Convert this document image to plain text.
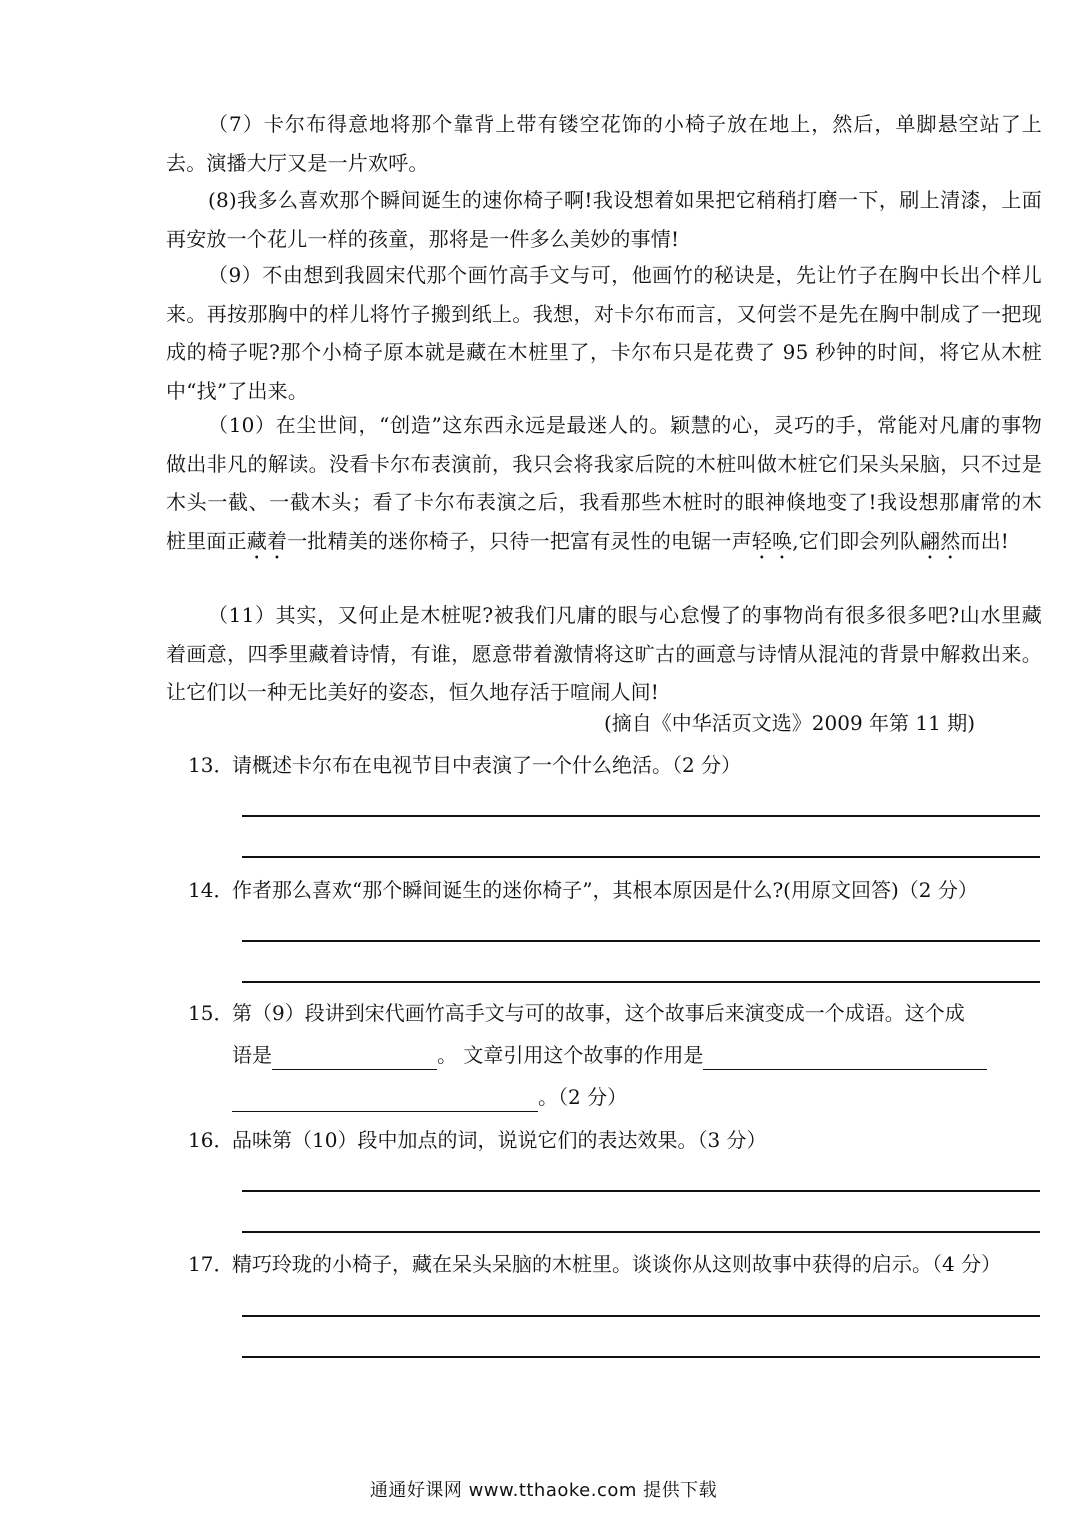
（7）卡尔布得意地将那个靠背上带有镂空花饰的小椅子放在地上，然后，单脚悬空站了上去。演播大厅又是一片欢呼。

(8)我多么喜欢那个瞬间诞生的速你椅子啊!我设想着如果把它稍稍打磨一下，刷上清漆，上面再安放一个花儿一样的孩童，那将是一件多么美妙的事情!

（9）不由想到我圆宋代那个画竹高手文与可，他画竹的秘诀是，先让竹子在胸中长出个样儿来。再按那胸中的样儿将竹子搬到纸上。我想，对卡尔布而言，又何尝不是先在胸中制成了一把现成的椅子呢?那个小椅子原本就是藏在木桩里了，卡尔布只是花费了 95 秒钟的时间，将它从木桩中“找”了出来。

（10）在尘世间，“创造”这东西永远是最迷人的。颖慧的心，灵巧的手，常能对凡庸的事物做出非凡的解读。没看卡尔布表演前，我只会将我家后院的木桩叫做木桩它们呆头呆脑，只不过是木头一截、一截木头；看了卡尔布表演之后，我看那些木桩时的眼神倏地变了!我设想那庸常的木桩里面正藏着一批精美的迷你椅子，只待一把富有灵性的电锯一声轻唤,它们即会列队翩然而出!

（11）其实，又何止是木桩呢?被我们凡庸的眼与心怠慢了的事物尚有很多很多吧?山水里藏着画意，四季里藏着诗情，有谁，愿意带着激情将这旷古的画意与诗情从混沌的背景中解救出来。让它们以一种无比美好的姿态，恒久地存活于喧闹人间!

(摘自《中华活页文选》2009 年第 11 期)
13．请概述卡尔布在电视节目中表演了一个什么绝活。（2 分）
14．作者那么喜欢“那个瞬间诞生的迷你椅子”，其根本原因是什么?(用原文回答)（2 分）
15．第（9）段讲到宋代画竹高手文与可的故事，这个故事后来演变成一个成语。这个成
语是	。 文章引用这个故事的作用是
。（2 分）
16．品味第（10）段中加点的词，说说它们的表达效果。（3 分）
17．精巧玲珑的小椅子，藏在呆头呆脑的木桩里。谈谈你从这则故事中获得的启示。（4 分）
通通好课网 www.tthaoke.com 提供下载
